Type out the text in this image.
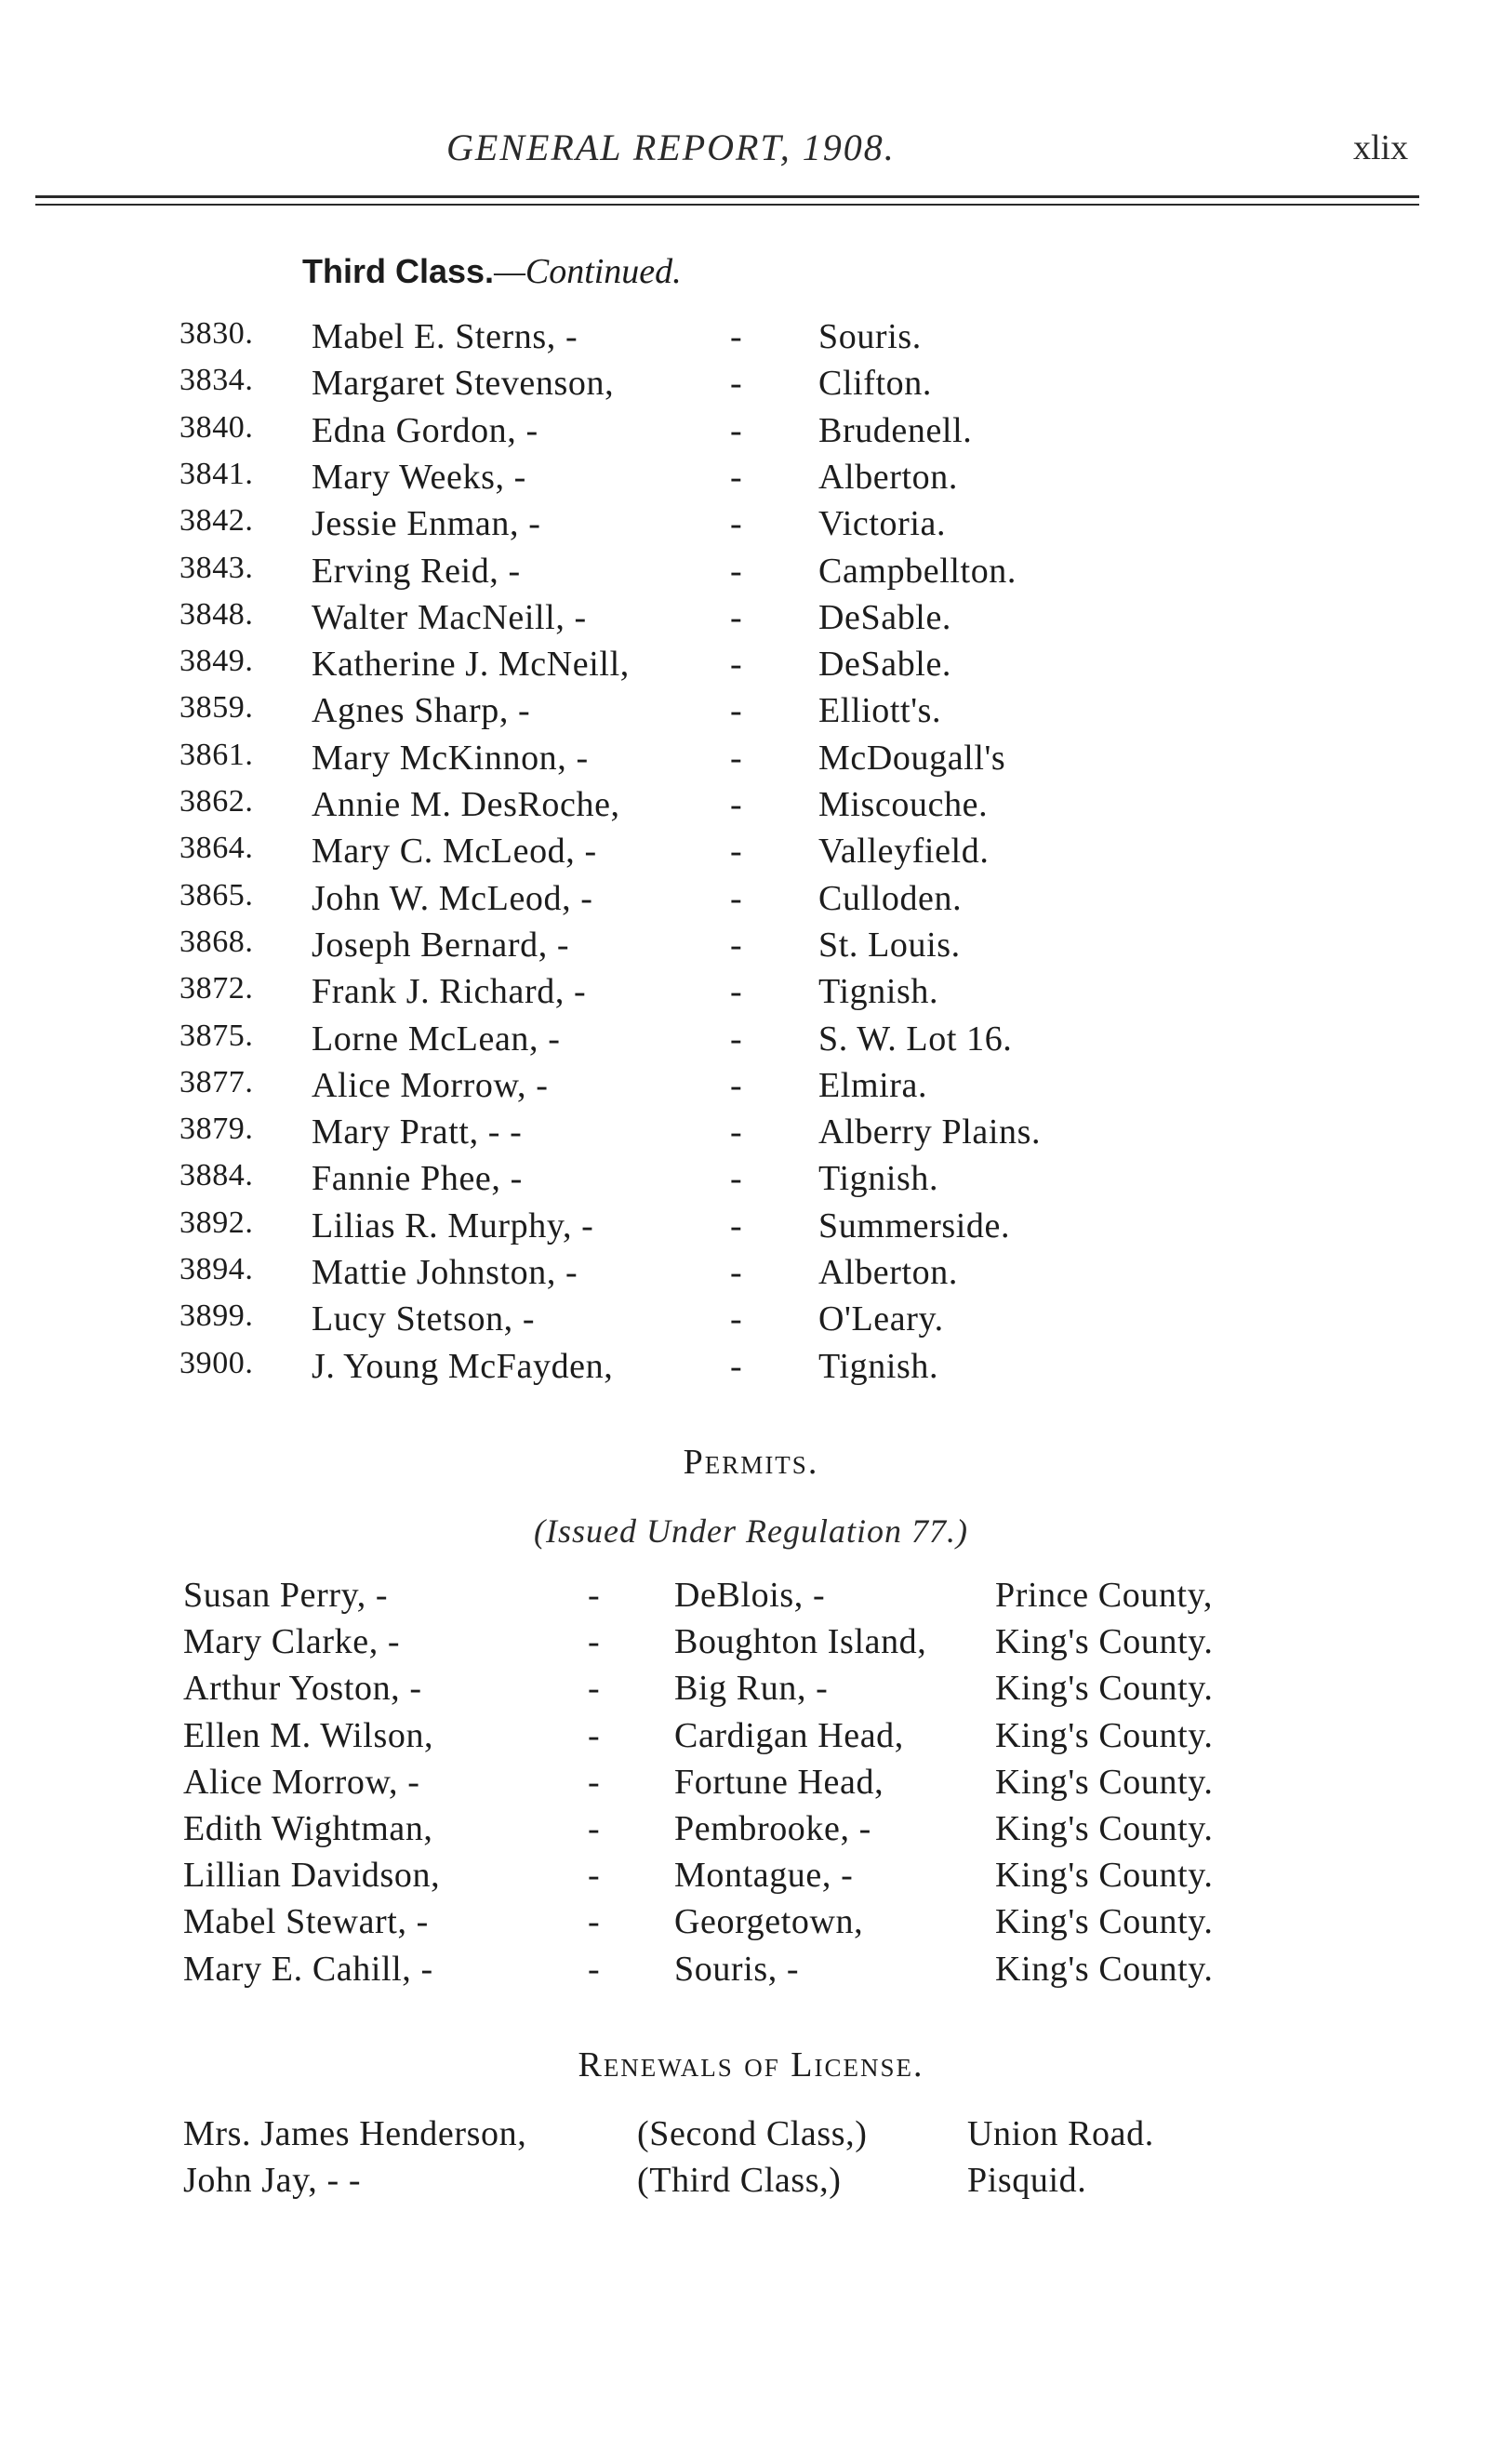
GENERAL REPORT, 1908.	xlix
Third Class.—Continued.
3830. Mabel E. Sterns, -	- Souris.
3834. Margaret Stevenson,	- Clifton.
3840. Edna Gordon, -	- Brudenell.
3841. Mary Weeks, -	- Alberton.
3842. Jessie Enman, -	- Victoria.
3843. Erving Reid, -	- Campbellton.
3848. Walter MacNeill, -	- DeSable.
3849. Katherine J. McNeill,	- DeSable.
3859. Agnes Sharp, -	- Elliott's.
3861. Mary McKinnon, -	- McDougall's
3862. Annie M. DesRoche,	- Miscouche.
3864. Mary C. McLeod, -	- Valleyfield.
3865. John W. McLeod, -	- Culloden.
3868. Joseph Bernard, -	- St. Louis.
3872. Frank J. Richard, -	- Tignish.
3875. Lorne McLean, -	- S. W. Lot 16.
3877. Alice Morrow, -	- Elmira.
3879. Mary Pratt, - -	- Alberry Plains.
3884. Fannie Phee, -	- Tignish.
3892. Lilias R. Murphy, -	- Summerside.
3894. Mattie Johnston, -	- Alberton.
3899. Lucy Stetson, -	- O'Leary.
3900. J. Young McFayden,	- Tignish.
Permits.
(Issued Under Regulation 77.)
Susan Perry, -	- DeBlois, -	Prince County,
Mary Clarke, -	- Boughton Island, King's County.
Arthur Yoston, -	- Big Run, -	King's County.
Ellen M. Wilson,	- Cardigan Head,	King's County.
Alice Morrow, -	- Fortune Head,	King's County.
Edith Wightman,	- Pembrooke, -	King's County.
Lillian Davidson,	- Montague, -	King's County.
Mabel Stewart, -	- Georgetown,	King's County.
Mary E. Cahill, -	- Souris, -	King's County.
Renewals of License.
Mrs. James Henderson,	(Second Class,)	Union Road.
John Jay, - -	(Third Class,)	Pisquid.
